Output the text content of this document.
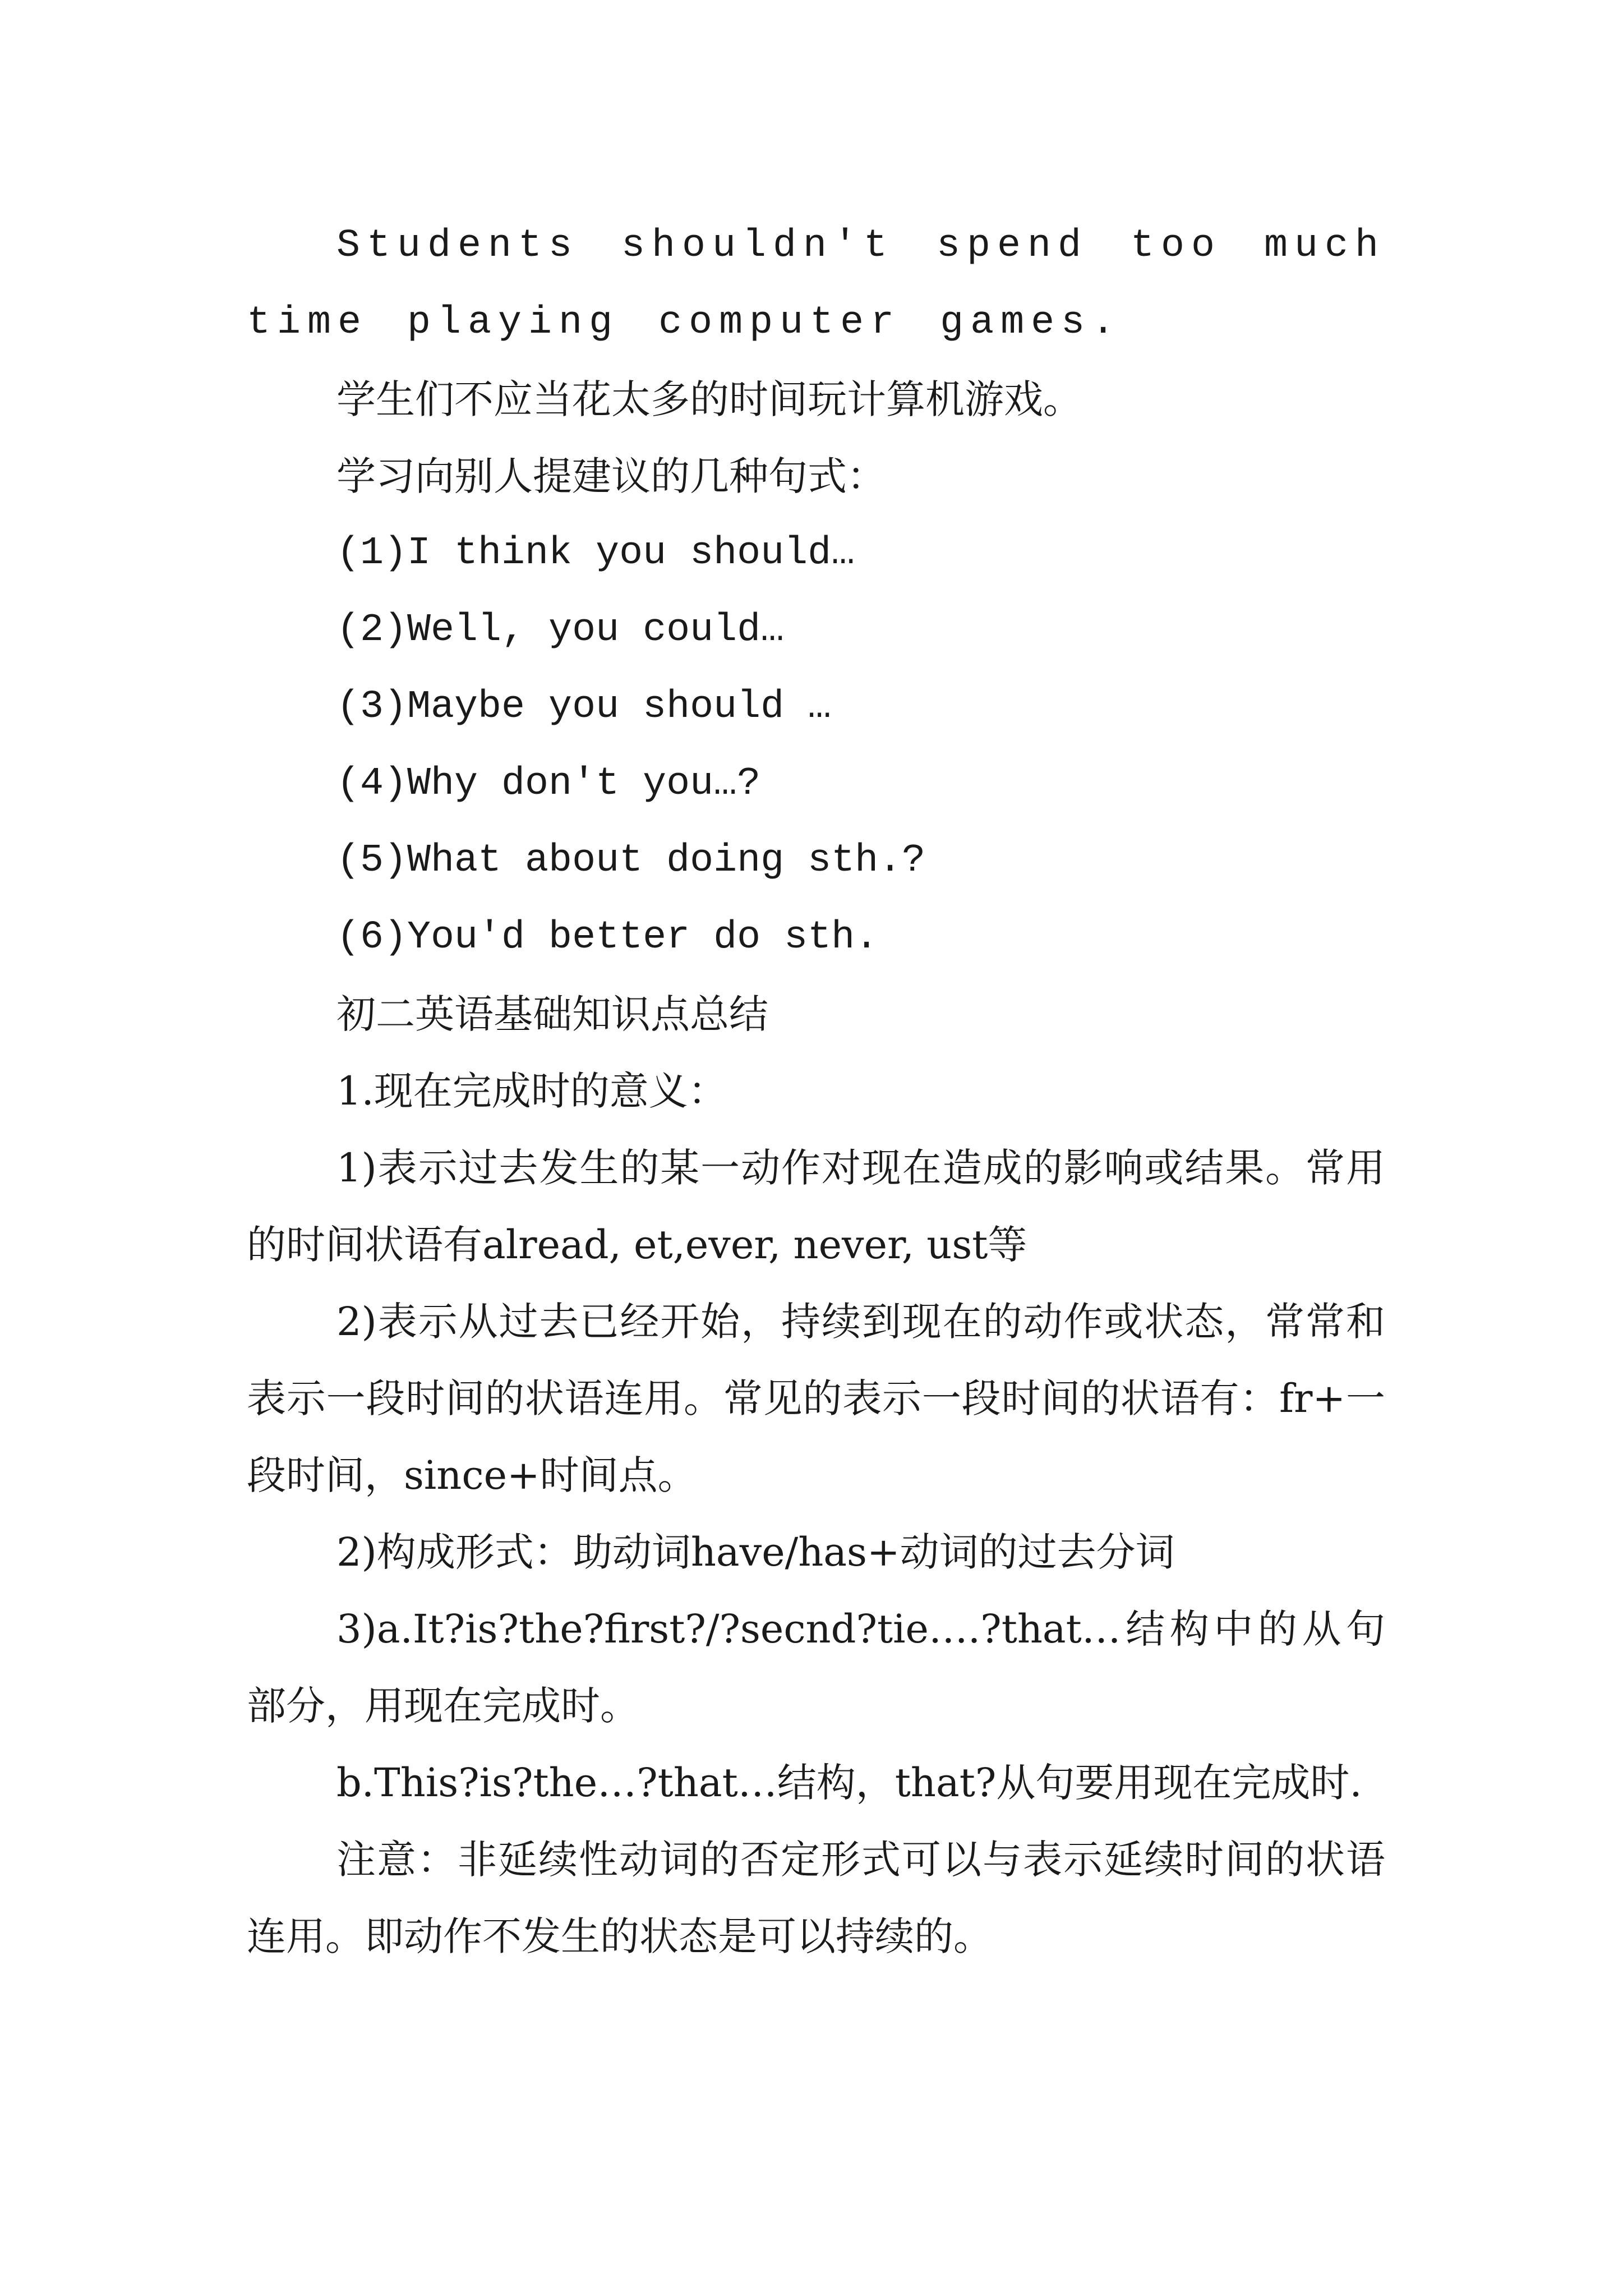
Students shouldn't spend too much time playing computer games.

学生们不应当花太多的时间玩计算机游戏。

学习向别人提建议的几种句式：

(1)I think you should…

(2)Well, you could…

(3)Maybe you should …

(4)Why don't you…?

(5)What about doing sth.?

(6)You'd better do sth.

初二英语基础知识点总结

1.现在完成时的意义：

1)表示过去发生的某一动作对现在造成的影响或结果。常用的时间状语有alread, et,ever, never, ust等

2)表示从过去已经开始，持续到现在的动作或状态，常常和表示一段时间的状语连用。常见的表示一段时间的状语有：fr+一段时间，since+时间点。

2)构成形式：助动词have/has+动词的过去分词

3)a.It?is?the?first?/?secnd?tie….?that…结构中的从句部分，用现在完成时。

b.This?is?the…?that…结构，that?从句要用现在完成时.

注意：非延续性动词的否定形式可以与表示延续时间的状语连用。即动作不发生的状态是可以持续的。
